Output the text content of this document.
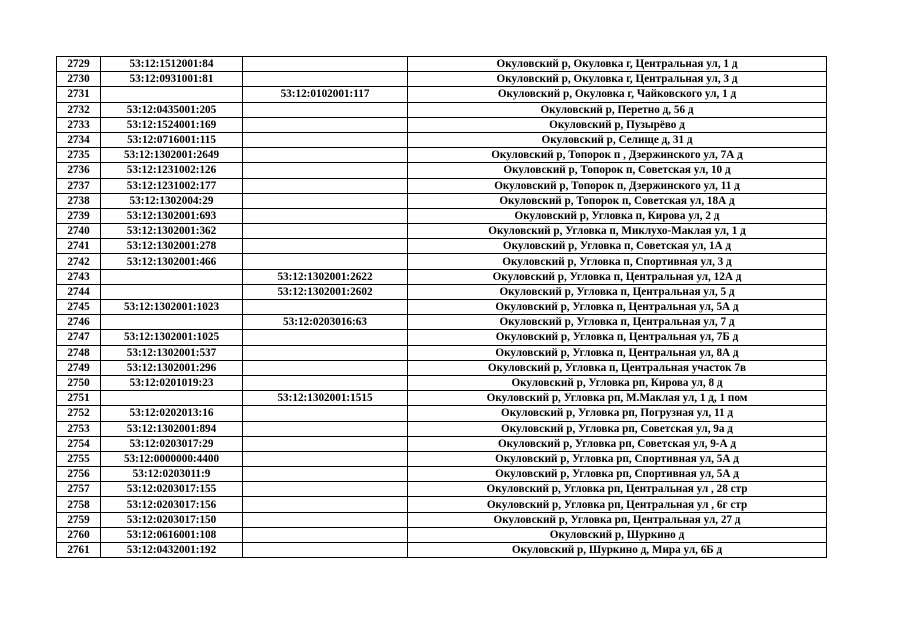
2729	53:12:1512001:84		Окуловский р, Окуловка г, Центральная ул, 1 д
2730	53:12:0931001:81		Окуловский р, Окуловка г, Центральная ул, 3 д
2731		53:12:0102001:117	Окуловский р, Окуловка г, Чайковского ул, 1 д
2732	53:12:0435001:205		Окуловский р, Перетно д, 56 д
2733	53:12:1524001:169		Окуловский р, Пузырёво д
2734	53:12:0716001:115		Окуловский р, Селище д, 31 д
2735	53:12:1302001:2649		Окуловский р, Топорок п , Дзержинского ул, 7А д
2736	53:12:1231002:126		Окуловский р, Топорок п, Советская ул, 10 д
2737	53:12:1231002:177		Окуловский р, Топорок п, Дзержинского ул, 11 д
2738	53:12:1302004:29		Окуловский р, Топорок п, Советская ул, 18А д
2739	53:12:1302001:693		Окуловский р, Угловка п, Кирова ул, 2 д
2740	53:12:1302001:362		Окуловский р, Угловка п, Миклухо-Маклая ул, 1 д
2741	53:12:1302001:278		Окуловский р, Угловка п, Советская ул, 1А д
2742	53:12:1302001:466		Окуловский р, Угловка п, Спортивная ул, 3 д
2743		53:12:1302001:2622	Окуловский р, Угловка п, Центральная ул, 12А д
2744		53:12:1302001:2602	Окуловский р, Угловка п, Центральная ул, 5 д
2745	53:12:1302001:1023		Окуловский р, Угловка п, Центральная ул, 5А д
2746		53:12:0203016:63	Окуловский р, Угловка п, Центральная ул, 7 д
2747	53:12:1302001:1025		Окуловский р, Угловка п, Центральная ул, 7Б д
2748	53:12:1302001:537		Окуловский р, Угловка п, Центральная ул, 8А д
2749	53:12:1302001:296		Окуловский р, Угловка п, Центральная участок 7в
2750	53:12:0201019:23		Окуловский р, Угловка рп, Кирова ул, 8 д
2751		53:12:1302001:1515	Окуловский р, Угловка рп, М.Маклая ул, 1 д, 1 пом
2752	53:12:0202013:16		Окуловский р, Угловка рп, Погрузная ул, 11 д
2753	53:12:1302001:894		Окуловский р, Угловка рп, Советская ул, 9а д
2754	53:12:0203017:29		Окуловский р, Угловка рп, Советская ул, 9-А д
2755	53:12:0000000:4400		Окуловский р, Угловка рп, Спортивная ул, 5А д
2756	53:12:0203011:9		Окуловский р, Угловка рп, Спортивная ул, 5А д
2757	53:12:0203017:155		Окуловский р, Угловка рп, Центральная ул , 28 стр
2758	53:12:0203017:156		Окуловский р, Угловка рп, Центральная ул , 6г стр
2759	53:12:0203017:150		Окуловский р, Угловка рп, Центральная ул, 27 д
2760	53:12:0616001:108		Окуловский р, Шуркино д
2761	53:12:0432001:192		Окуловский р, Шуркино д, Мира ул, 6Б д
